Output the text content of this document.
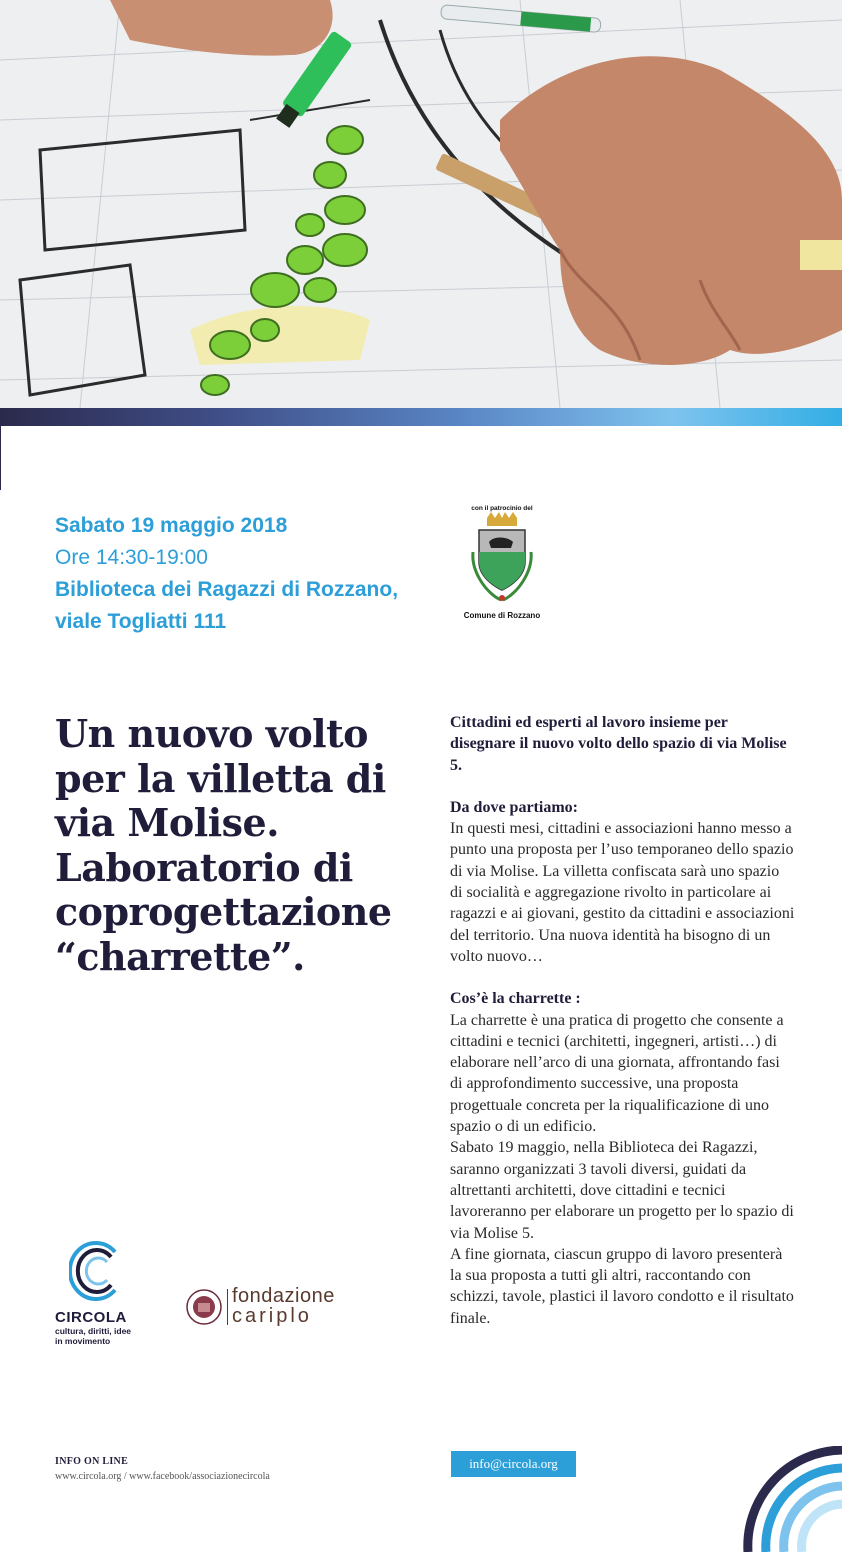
Sabato 19 maggio 2018
Ore 14:30-19:00
Biblioteca dei Ragazzi di Rozzano,
viale Togliatti 111
con il patrocinio del
Comune di Rozzano
Un nuovo volto
per la villetta di
via Molise.
Laboratorio di
coprogettazione
“charrette”.

Cittadini ed esperti al lavoro insieme per disegnare il nuovo volto dello spazio di via Molise 5.

Da dove partiamo:

In questi mesi, cittadini e associazioni hanno messo a punto una proposta per l’uso temporaneo dello spazio di via Molise. La villetta confiscata sarà uno spazio di socialità e aggregazione rivolto in particolare ai ragazzi e ai giovani, gestito da cittadini e associazioni del territorio. Una nuova identità ha bisogno di un volto nuovo…

Cos’è la charrette :

La charrette è una pratica di progetto che consente a cittadini e tecnici (architetti, ingegneri, artisti…) di elaborare nell’arco di una giornata, affrontando fasi di approfondimento successive, una proposta progettuale concreta per la riqualificazione di uno spazio o di un edificio.

Sabato 19 maggio, nella Biblioteca dei Ragazzi, saranno organizzati 3 tavoli diversi, guidati da altrettanti architetti, dove cittadini e tecnici lavoreranno per elaborare un progetto per lo spazio di via Molise 5.

A fine giornata, ciascun gruppo di lavoro presenterà la sua proposta a tutti gli altri, raccontando con schizzi, tavole, plastici il lavoro condotto e il risultato finale.

CIRCOLA
cultura, diritti, idee
in movimento
fondazione
cariplo
INFO ON LINE
www.circola.org / www.facebook/associazionecircola
info@circola.org
